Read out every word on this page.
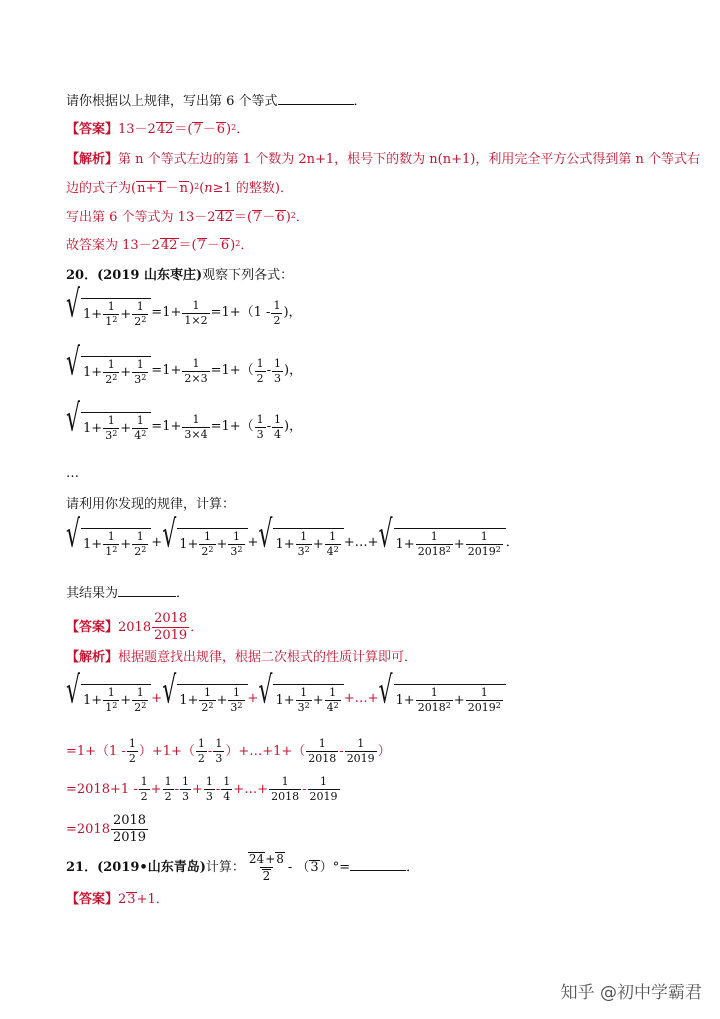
请你根据以上规律，写出第 6 个等式	．
【答案】$13-242=(7-6)^2$．
【解析】第 n 个等式左边的第 1 个数为 2n+1，根号下的数为 n(n+1)，利用完全平方公式得到第 n 个等式右
边的式子为$(n+1-n)^2(n\ge 1$ 的整数)．
写出第 6 个等式为 $13-242=(7-6)^2$．
故答案为 $13-242=(7-6)^2$．
20．(2019 山东枣庄)观察下列各式：
√ $1+ \frac{1}{1^2} + \frac{1}{2^2} =1+ \frac{1}{1\times 2} =1+(1 - \frac{1}{2}$ )，
√ $1+ \frac{1}{2^2} + \frac{1}{3^2} =1+ \frac{1}{2\times 3} =1+( \frac{1}{2} - \frac{1}{3}$ )，
√ $1+ \frac{1}{3^2} + \frac{1}{4^2} =1+ \frac{1}{3\times 4} =1+( \frac{1}{3} - \frac{1}{4}$ )，
…
请利用你发现的规律，计算：
√ $1+ \frac{1}{1^2} + \frac{1}{2^2}$ + √ $1+ \frac{1}{2^2} + \frac{1}{3^2}$ + √ $1+ \frac{1}{3^2} + \frac{1}{4^2}$ +…+ √ $1+ \frac{1}{2018^2} + \frac{1}{2019^2}$ ．
其结果为	．
【答案】$2018 \frac{2018}{2019}$ ．
【解析】根据题意找出规律，根据二次根式的性质计算即可．
√ $1+ \frac{1}{1^2} + \frac{1}{2^2}$ + √ $1+ \frac{1}{2^2} + \frac{1}{3^2}$ + √ $1+ \frac{1}{3^2} + \frac{1}{4^2}$ +…+ √ $1+ \frac{1}{2018^2} + \frac{1}{2019^2}$
$=1+(1 - \frac{1}{2} )+1+( \frac{1}{2} - \frac{1}{3}$ ）+…+1+（ $\frac{1}{2018} - \frac{1}{2019}$ ）
$=2018+1 - \frac{1}{2} + \frac{1}{2} - \frac{1}{3} + \frac{1}{3} - \frac{1}{4}$ +…+ $\frac{1}{2018} - \frac{1}{2019}$
$=2018 \frac{2018}{2019}$
21．(2019•山东青岛)计算： $\frac{24+8}{2} - (3)^\circ=$	．
【答案】23+1．
知乎 @初中学霸君
